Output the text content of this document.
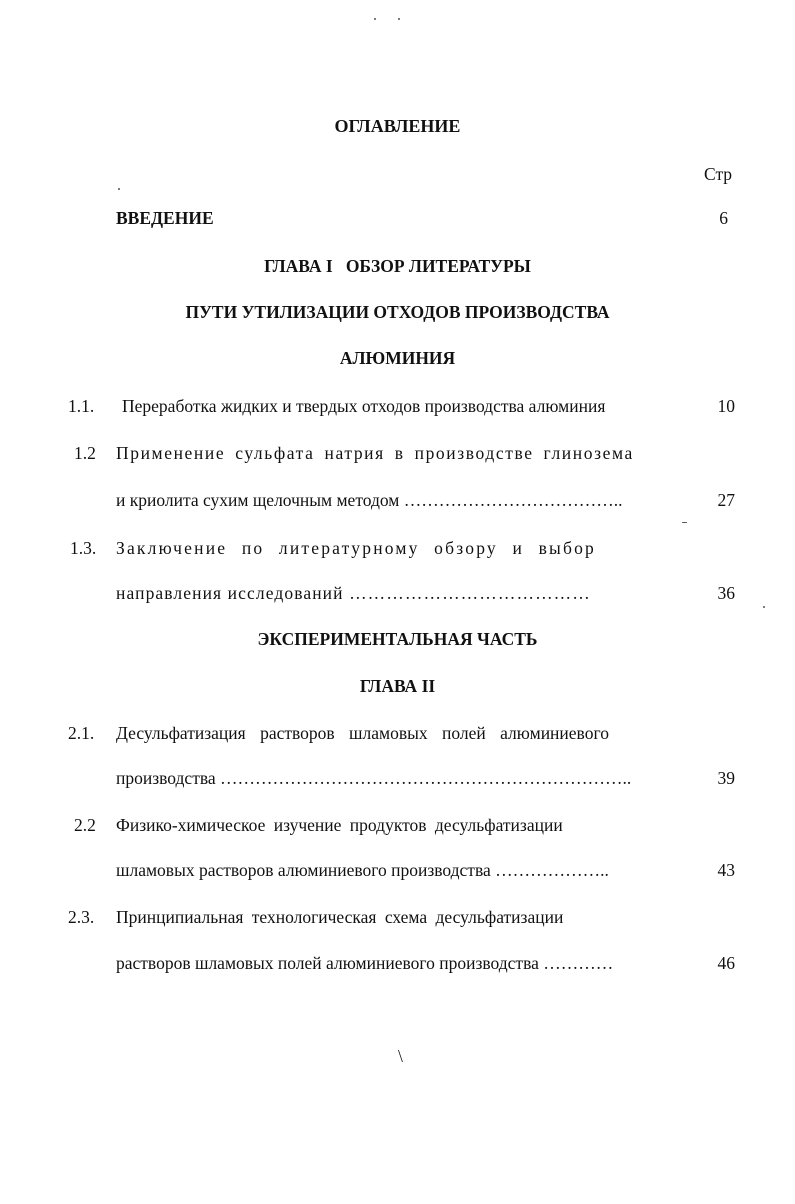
ОГЛАВЛЕНИЕ
Стр
ВВЕДЕНИЕ	6
ГЛАВА I   ОБЗОР ЛИТЕРАТУРЫ
ПУТИ УТИЛИЗАЦИИ ОТХОДОВ ПРОИЗВОДСТВА
АЛЮМИНИЯ
1.1. Переработка жидких и твердых отходов производства алюминия	10
1.2 Применение сульфата натрия в производстве глинозема
и криолита сухим щелочным методом ………………………………..	27
1.3. Заключение по литературному обзору и выбор
направления исследований …………………………………	36
ЭКСПЕРИМЕНТАЛЬНАЯ ЧАСТЬ
ГЛАВА II
2.1. Десульфатизация растворов шламовых полей алюминиевого
производства ……………………………………………………………..	39
2.2 Физико-химическое изучение продуктов десульфатизации
шламовых растворов алюминиевого производства ………………..	43
2.3. Принципиальная технологическая схема десульфатизации
растворов шламовых полей алюминиевого производства …………	46
\
